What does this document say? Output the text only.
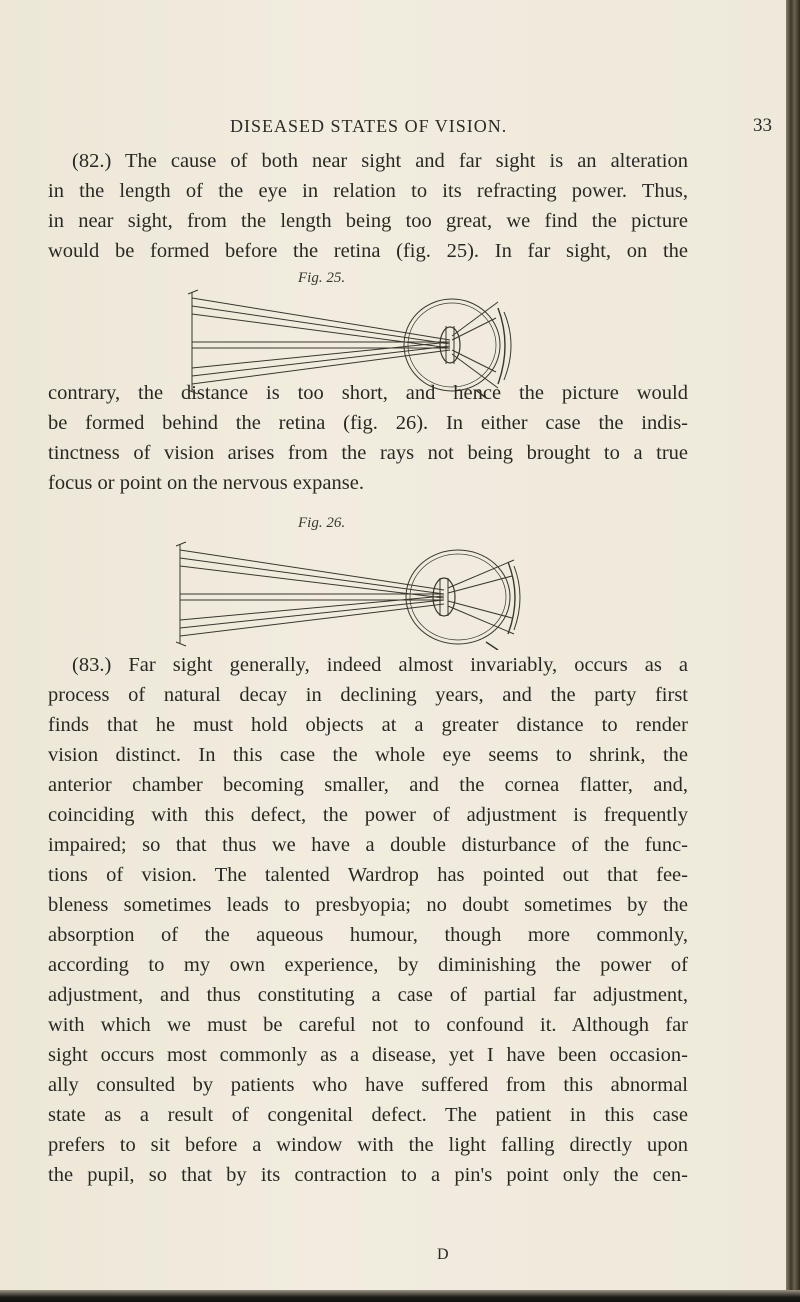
DISEASED STATES OF VISION.	33
(82.) The cause of both near sight and far sight is an alteration
in the length of the eye in relation to its refracting power. Thus,
in near sight, from the length being too great, we find the picture
would be formed before the retina (fig. 25). In far sight, on the
Fig. 25.
contrary, the distance is too short, and hence the picture would
be formed behind the retina (fig. 26). In either case the indis-
tinctness of vision arises from the rays not being brought to a true
focus or point on the nervous expanse.
Fig. 26.
(83.) Far sight generally, indeed almost invariably, occurs as a
process of natural decay in declining years, and the party first
finds that he must hold objects at a greater distance to render
vision distinct. In this case the whole eye seems to shrink, the
anterior chamber becoming smaller, and the cornea flatter, and,
coinciding with this defect, the power of adjustment is frequently
impaired; so that thus we have a double disturbance of the func-
tions of vision. The talented Wardrop has pointed out that fee-
bleness sometimes leads to presbyopia; no doubt sometimes by the
absorption of the aqueous humour, though more commonly,
according to my own experience, by diminishing the power of
adjustment, and thus constituting a case of partial far adjustment,
with which we must be careful not to confound it. Although far
sight occurs most commonly as a disease, yet I have been occasion-
ally consulted by patients who have suffered from this abnormal
state as a result of congenital defect. The patient in this case
prefers to sit before a window with the light falling directly upon
the pupil, so that by its contraction to a pin's point only the cen-
D
